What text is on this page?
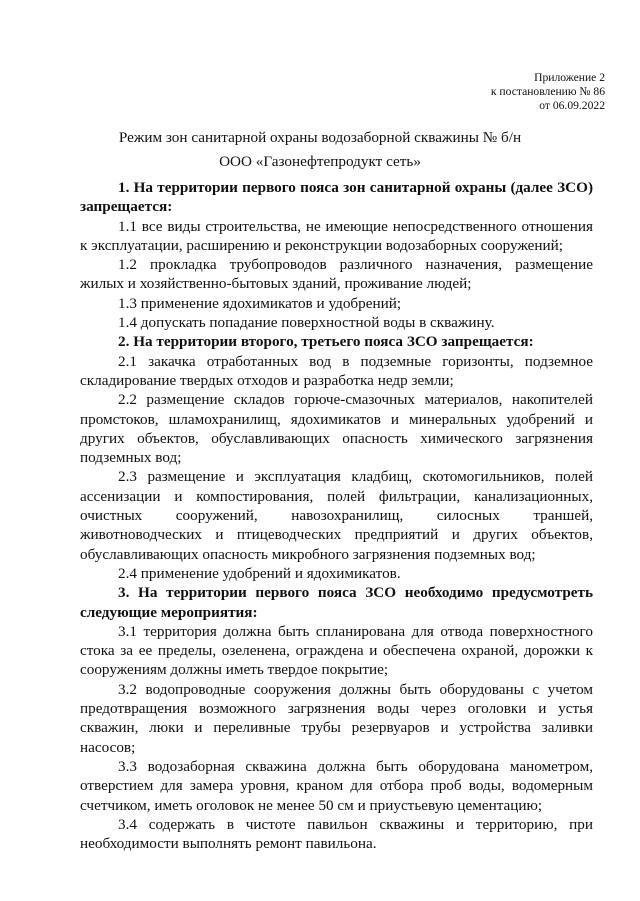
Приложение 2
к постановлению № 86
от 06.09.2022
Режим зон санитарной охраны водозаборной скважины № б/н
ООО «Газонефтепродукт сеть»

1. На территории первого пояса зон санитарной охраны (далее ЗСО) запрещается:

1.1 все виды строительства, не имеющие непосредственного отношения к эксплуатации, расширению и реконструкции водозаборных сооружений;

1.2 прокладка трубопроводов различного назначения, размещение жилых и хозяйственно-бытовых зданий, проживание людей;

1.3 применение ядохимикатов и удобрений;

1.4 допускать попадание поверхностной воды в скважину.

2. На территории второго, третьего пояса ЗСО запрещается:

2.1 закачка отработанных вод в подземные горизонты, подземное складирование твердых отходов и разработка недр земли;

2.2 размещение складов горюче-смазочных материалов, накопителей промстоков, шламохранилищ, ядохимикатов и минеральных удобрений и других объектов, обуславливающих опасность химического загрязнения подземных вод;

2.3 размещение и эксплуатация кладбищ, скотомогильников, полей ассенизации и компостирования, полей фильтрации, канализационных, очистных сооружений, навозохранилищ, силосных траншей, животноводческих и птицеводческих предприятий и других объектов, обуславливающих опасность микробного загрязнения подземных вод;

2.4 применение удобрений и ядохимикатов.

3. На территории первого пояса ЗСО необходимо предусмотреть следующие мероприятия:

3.1 территория должна быть спланирована для отвода поверхностного стока за ее пределы, озеленена, ограждена и обеспечена охраной, дорожки к сооружениям должны иметь твердое покрытие;

3.2 водопроводные сооружения должны быть оборудованы с учетом предотвращения возможного загрязнения воды через оголовки и устья скважин, люки и переливные трубы резервуаров и устройства заливки насосов;

3.3 водозаборная скважина должна быть оборудована манометром, отверстием для замера уровня, краном для отбора проб воды, водомерным счетчиком, иметь оголовок не менее 50 см и приустьевую цементацию;

3.4 содержать в чистоте павильон скважины и территорию, при необходимости выполнять ремонт павильона.
